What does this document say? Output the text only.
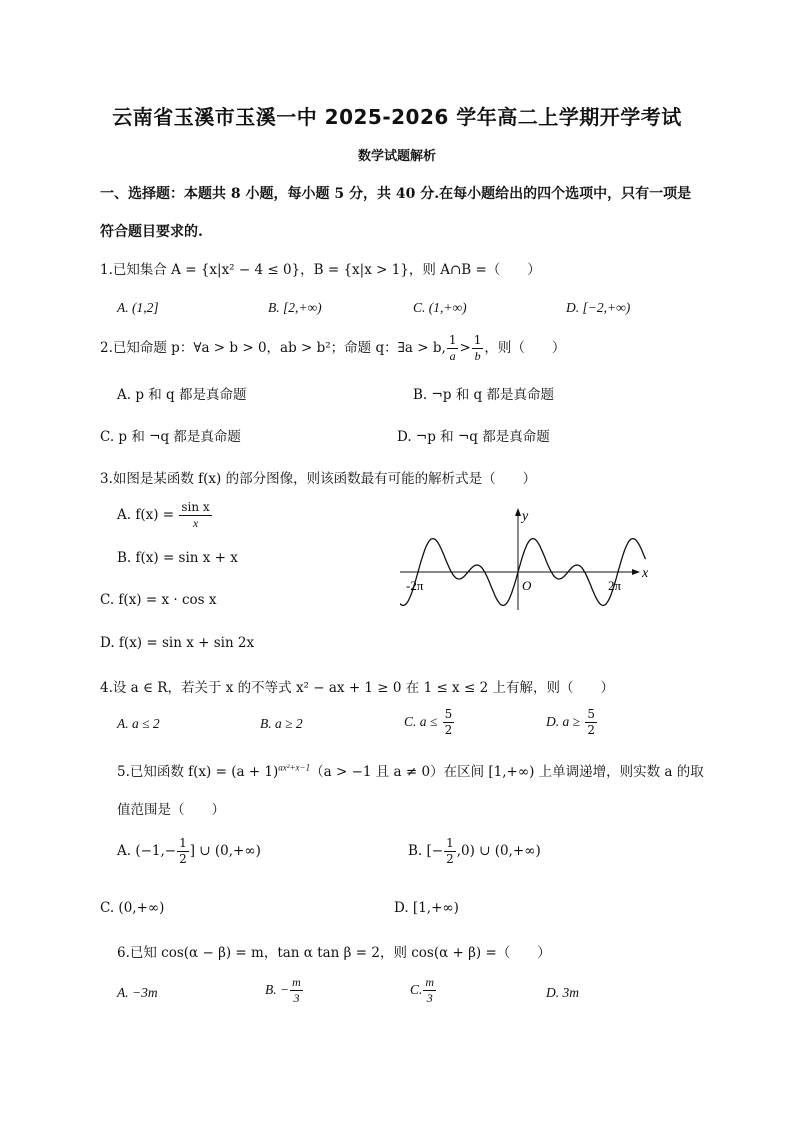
云南省玉溪市玉溪一中 2025-2026 学年高二上学期开学考试
数学试题解析
一、选择题：本题共 8 小题，每小题 5 分，共 40 分.在每小题给出的四个选项中，只有一项是
符合题目要求的.
1.已知集合 A = {x|x² − 4 ≤ 0}，B = {x|x > 1}，则 A∩B =（　　）
A. (1,2]	B. [2,+∞)	C. (1,+∞)	D. [−2,+∞)
2.已知命题 p：∀a > b > 0，ab > b²；命题 q：∃a > b, $\frac{1}{a} > \frac{1}{b}$ ，则（　　）
A. p 和 q 都是真命题	B. ¬p 和 q 都是真命题
C. p 和 ¬q 都是真命题	D. ¬p 和 ¬q 都是真命题
3.如图是某函数 f(x) 的部分图像，则该函数最有可能的解析式是（　　）
A. $f(x) = \frac{\text{sin x}}{x}$
B. f(x) = sin x + x
C. f(x) = x · cos x
D. f(x) = sin x + sin 2x
y
x
O
-2π	2π
4.设 a ∈ R，若关于 x 的不等式 x² − ax + 1 ≥ 0 在 1 ≤ x ≤ 2 上有解，则（　　）
A. a ≤ 2	B. a ≥ 2	C. $a \le \frac{5}{2}$	D. $a \ge \frac{5}{2}$
5.已知函数 $f(x) = (a + 1)^{ax^2+x-1}(a > -1$ 且 a ≠ 0）在区间 [1,+∞) 上单调递增，则实数 a 的取
值范围是（　　）
A. ($-1,- \frac{1}{2}$ ] ∪ (0,+∞)	B. [− $\frac{1}{2} ,0$) ∪ (0,+∞)
C. (0,+∞)	D. [1,+∞)
6.已知 cos(α − β) = m，tan α tan β = 2，则 cos(α + β) =（　　）
A. −3m	B. − $\frac{m}{3}$	C. $\frac{m}{3}$	D. 3m
